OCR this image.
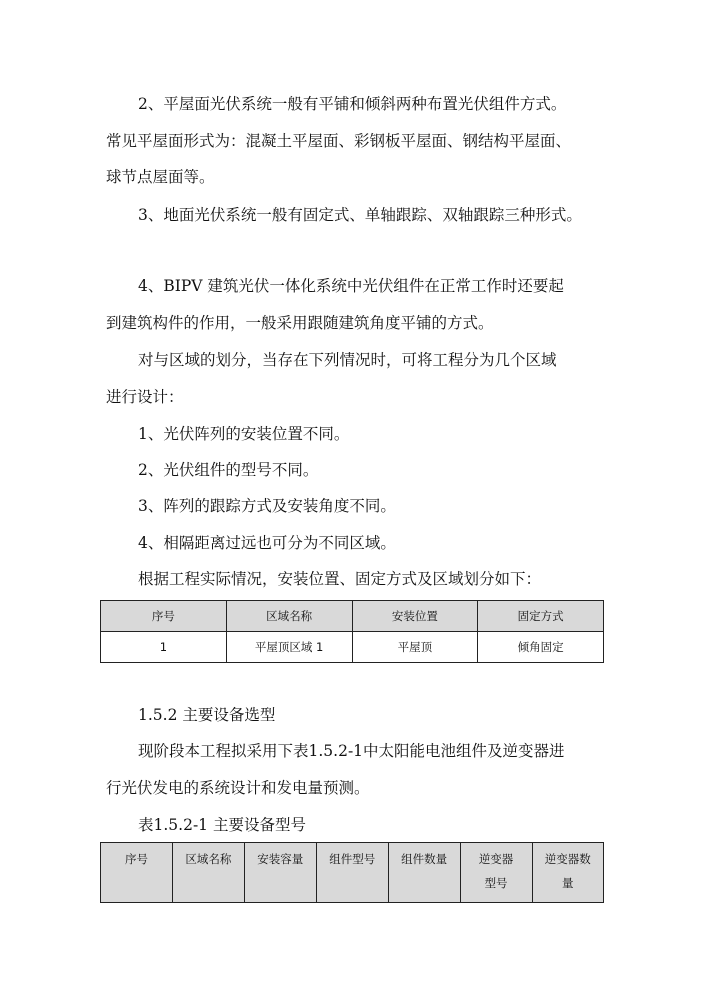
2、平屋面光伏系统一般有平铺和倾斜两种布置光伏组件方式。
常见平屋面形式为：混凝土平屋面、彩钢板平屋面、钢结构平屋面、
球节点屋面等。
3、地面光伏系统一般有固定式、单轴跟踪、双轴跟踪三种形式。
4、BIPV 建筑光伏一体化系统中光伏组件在正常工作时还要起
到建筑构件的作用，一般采用跟随建筑角度平铺的方式。
对与区域的划分，当存在下列情况时，可将工程分为几个区域
进行设计：
1、光伏阵列的安装位置不同。
2、光伏组件的型号不同。
3、阵列的跟踪方式及安装角度不同。
4、相隔距离过远也可分为不同区域。
根据工程实际情况，安装位置、固定方式及区域划分如下：
序号	区域名称	安装位置	固定方式
1	平屋顶区域 1	平屋顶	倾角固定
1.5.2 主要设备选型
现阶段本工程拟采用下表1.5.2-1中太阳能电池组件及逆变器进
行光伏发电的系统设计和发电量预测。
表1.5.2-1 主要设备型号
序号	区域名称	安装容量	组件型号	组件数量	逆变器型号	逆变器数量
